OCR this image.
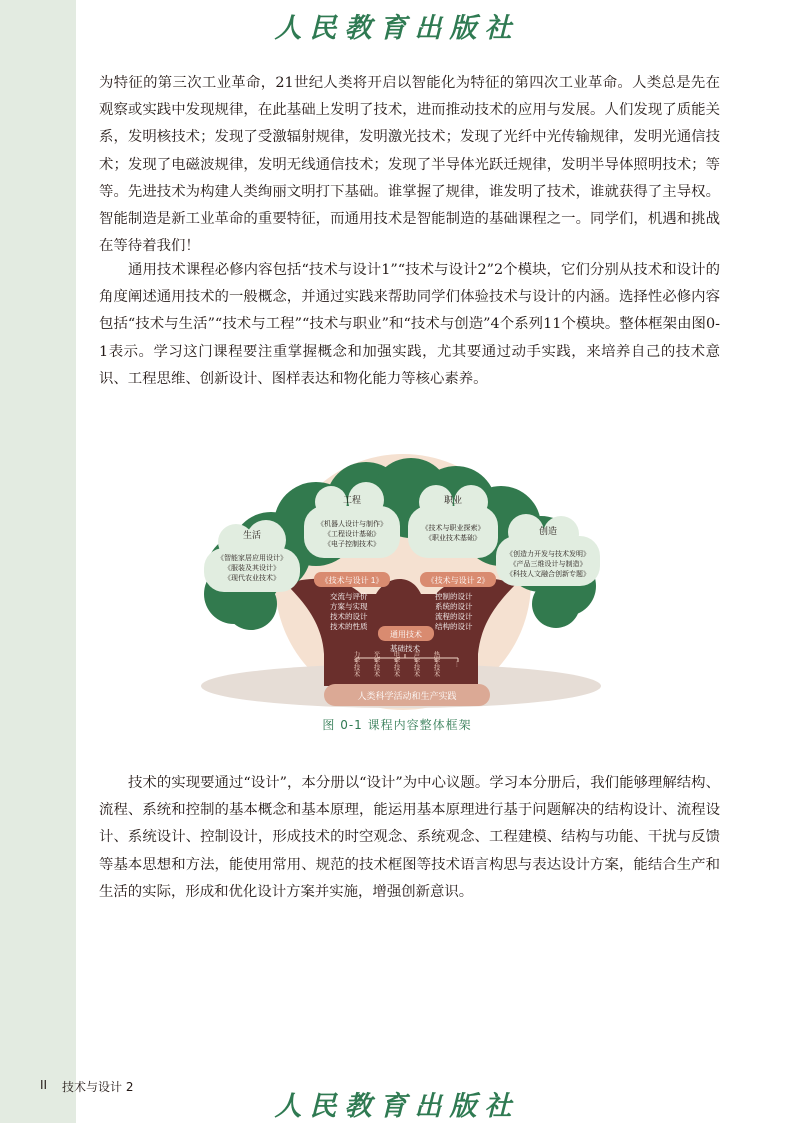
人民教育出版社

为特征的第三次工业革命，21世纪人类将开启以智能化为特征的第四次工业革命。人类总是先在观察或实践中发现规律，在此基础上发明了技术，进而推动技术的应用与发展。人们发现了质能关系，发明核技术；发现了受激辐射规律，发明激光技术；发现了光纤中光传输规律，发明光通信技术；发现了电磁波规律，发明无线通信技术；发现了半导体光跃迁规律，发明半导体照明技术；等等。先进技术为构建人类绚丽文明打下基础。谁掌握了规律，谁发明了技术，谁就获得了主导权。智能制造是新工业革命的重要特征，而通用技术是智能制造的基础课程之一。同学们，机遇和挑战在等待着我们！

通用技术课程必修内容包括“技术与设计1”“技术与设计2”2个模块，它们分别从技术和设计的角度阐述通用技术的一般概念，并通过实践来帮助同学们体验技术与设计的内涵。选择性必修内容包括“技术与生活”“技术与工程”“技术与职业”和“技术与创造”4个系列11个模块。整体框架由图0-1表示。学习这门课程要注重掌握概念和加强实践，尤其要通过动手实践，来培养自己的技术意识、工程思维、创新设计、图样表达和物化能力等核心素养。

生活
工程	职业
创造
《智能家居应用设计》
《服装及其设计》
《现代农业技术》
《机器人设计与制作》
《工程设计基础》
《电子控制技术》
《技术与职业探索》
《职业技术基础》
《创造力开发与技术发明》
《产品三维设计与制造》
《科技人文融合创新专题》
《技术与设计 1》	《技术与设计 2》
交流与评价
方案与实现
技术的设计
技术的性质
控制的设计
系统的设计
流程的设计
结构的设计
通用技术
基础技术
力学技术 光学技术 电学技术 声学技术 热学技术 …
人类科学活动和生产实践
图 0-1 课程内容整体框架

技术的实现要通过“设计”，本分册以“设计”为中心议题。学习本分册后，我们能够理解结构、流程、系统和控制的基本概念和基本原理，能运用基本原理进行基于问题解决的结构设计、流程设计、系统设计、控制设计，形成技术的时空观念、系统观念、工程建模、结构与功能、干扰与反馈等基本思想和方法，能使用常用、规范的技术框图等技术语言构思与表达设计方案，能结合生产和生活的实际，形成和优化设计方案并实施，增强创新意识。

II 技术与设计 2
人民教育出版社
